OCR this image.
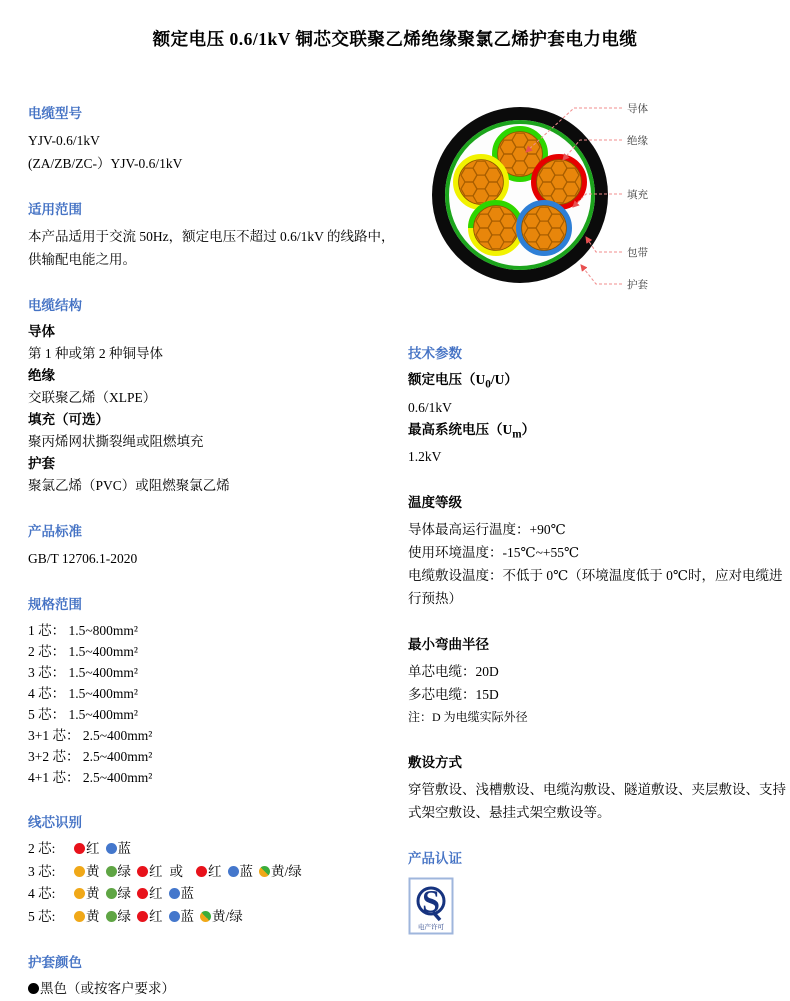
额定电压 0.6/1kV 铜芯交联聚乙烯绝缘聚氯乙烯护套电力电缆
电缆型号
YJV-0.6/1kV
(ZA/ZB/ZC-）YJV-0.6/1kV
适用范围
本产品适用于交流 50Hz，额定电压不超过 0.6/1kV 的线路中，供输配电能之用。
电缆结构
导体
第 1 种或第 2 种铜导体
绝缘
交联聚乙烯（XLPE）
填充（可选）
聚丙烯网状撕裂绳或阻燃填充
护套
聚氯乙烯（PVC）或阻燃聚氯乙烯
产品标准
GB/T 12706.1-2020
规格范围
1 芯： 1.5~800mm²
2 芯： 1.5~400mm²
3 芯： 1.5~400mm²
4 芯： 1.5~400mm²
5 芯： 1.5~400mm²
3+1 芯： 2.5~400mm²
3+2 芯： 2.5~400mm²
4+1 芯： 2.5~400mm²
线芯识别
2 芯: 红 蓝
3 芯: 黄 绿 红 或 红 蓝 黄/绿
4 芯: 黄 绿 红 蓝
5 芯: 黄 绿 红 蓝 黄/绿
护套颜色
黑色（或按客户要求）
导体
绝缘
填充
包带
护套
技术参数
额定电压$(U_0/U)$
0.6/1kV
最高系统电压$(U_m)$
1.2kV
温度等级
导体最高运行温度：+90℃
使用环境温度：-15℃~+55℃
电缆敷设温度：不低于 0℃（环境温度低于 0℃时，应对电缆进行预热）
最小弯曲半径
单芯电缆：20D
多芯电缆：15D
注：D 为电缆实际外径
敷设方式
穿管敷设、浅槽敷设、电缆沟敷设、隧道敷设、夹层敷设、支持式架空敷设、悬挂式架空敷设等。
产品认证
S
电产许可
